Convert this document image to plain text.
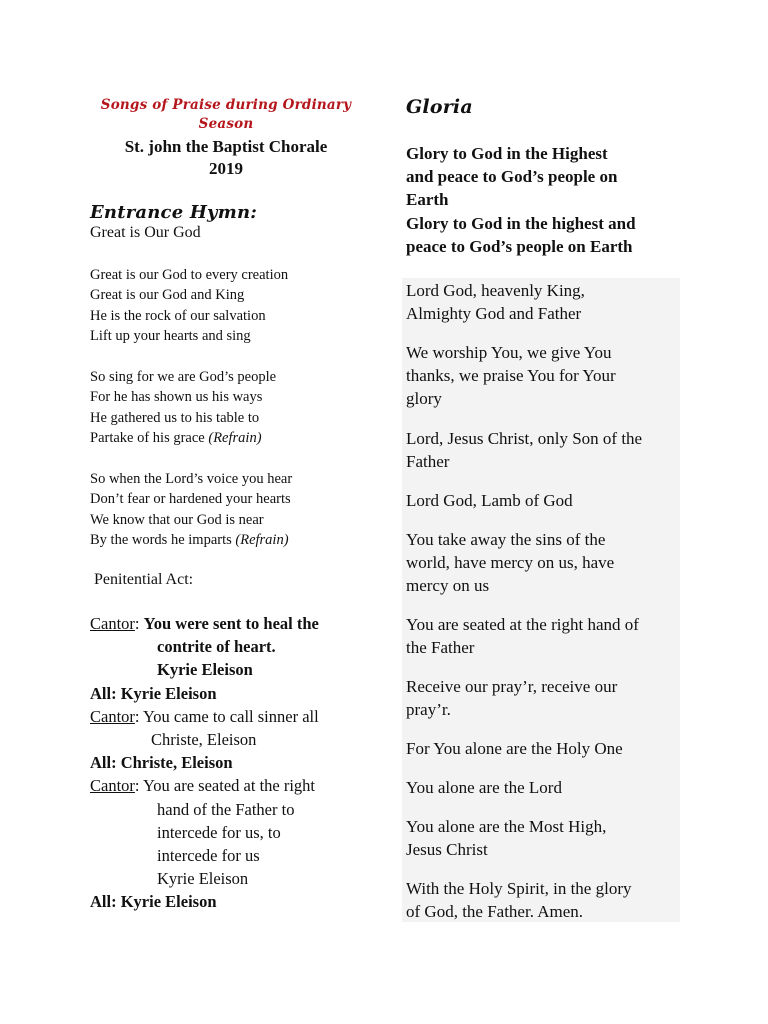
Songs of Praise during Ordinary
Season
St. john the Baptist Chorale
2019
Entrance Hymn:
Great is Our God
Great is our God to every creation
Great is our God and King
He is the rock of our salvation
Lift up your hearts and sing
So sing for we are God’s people
For he has shown us his ways
He gathered us to his table to
Partake of his grace (Refrain)
So when the Lord’s voice you hear
Don’t fear or hardened your hearts
We know that our God is near
By the words he imparts (Refrain)
Penitential Act:
Cantor: You were sent to heal the
contrite of heart.
Kyrie Eleison
All: Kyrie Eleison
Cantor: You came to call sinner all
Christe, Eleison
All: Christe, Eleison
Cantor: You are seated at the right
hand of the Father to
intercede for us, to
intercede for us
Kyrie Eleison
All: Kyrie Eleison
Gloria
Glory to God in the Highest
and peace to God’s people on
Earth
Glory to God in the highest and
peace to God’s people on Earth
Lord God, heavenly King,
Almighty God and Father
We worship You, we give You
thanks, we praise You for Your
glory
Lord, Jesus Christ, only Son of the
Father
Lord God, Lamb of God
You take away the sins of the
world, have mercy on us, have
mercy on us
You are seated at the right hand of
the Father
Receive our pray’r, receive our
pray’r.
For You alone are the Holy One
You alone are the Lord
You alone are the Most High,
Jesus Christ
With the Holy Spirit, in the glory
of God, the Father. Amen.
